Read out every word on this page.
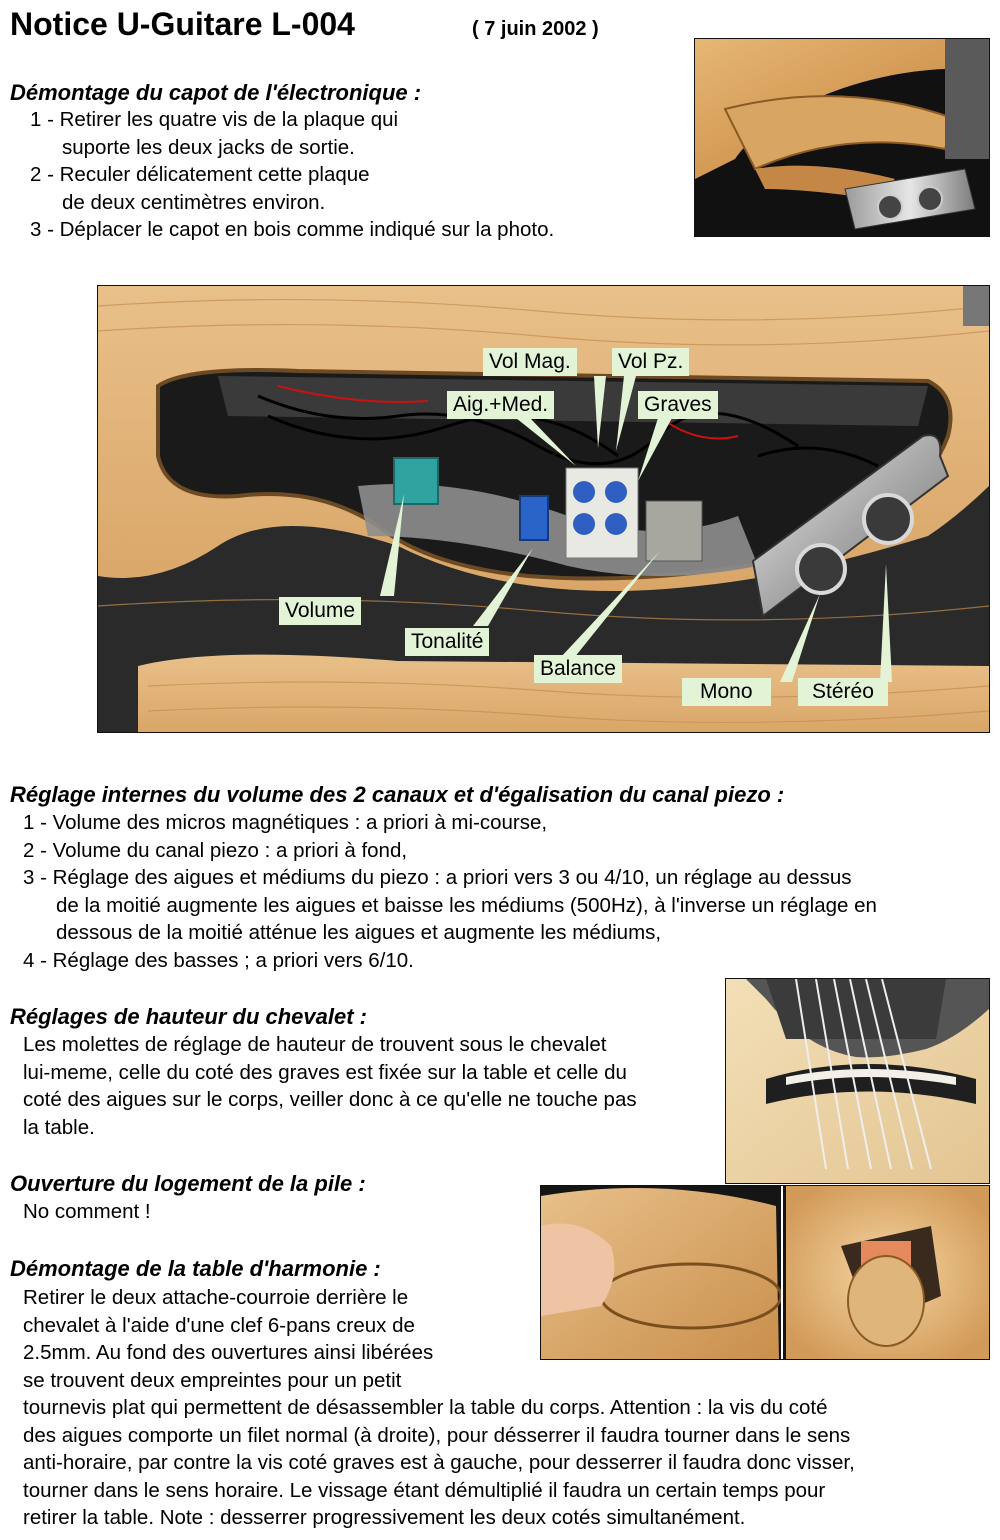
Notice U-Guitare L-004	( 7 juin 2002 )
Démontage du capot de l'électronique :
1 - Retirer les quatre vis de la plaque qui
suporte les deux jacks de sortie.
2 - Reculer délicatement cette plaque
de deux centimètres environ.
3 - Déplacer le capot en bois comme indiqué sur la photo.
Vol Mag. Vol Pz.
Aig.+Med.	Graves
Volume
Tonalité
Balance
Mono	Stéréo
Réglage internes du volume des 2 canaux et d'égalisation du canal piezo :
1 - Volume des micros magnétiques : a priori à mi-course,
2 - Volume du canal piezo : a priori à fond,
3 - Réglage des aigues et médiums du piezo : a priori vers 3 ou 4/10, un réglage au dessus
de la moitié augmente les aigues et baisse les médiums (500Hz), à l'inverse un réglage en
dessous de la moitié atténue les aigues et augmente les médiums,
4 - Réglage des basses ; a priori vers 6/10.
Réglages de hauteur du chevalet :
Les molettes de réglage de hauteur de trouvent sous le chevalet
lui-meme, celle du coté des graves est fixée sur la table et celle du
coté des aigues sur le corps, veiller donc à ce qu'elle ne touche pas
la table.
Ouverture du logement de la pile :
No comment !
Démontage de la table d'harmonie :
Retirer le deux attache-courroie derrière le
chevalet à l'aide d'une clef 6-pans creux de
2.5mm. Au fond des ouvertures ainsi libérées
se trouvent deux empreintes pour un petit
tournevis plat qui permettent de désassembler la table du corps. Attention : la vis du coté
des aigues comporte un filet normal (à droite), pour désserrer il faudra tourner dans le sens
anti-horaire, par contre la vis coté graves est à gauche, pour desserrer il faudra donc visser,
tourner dans le sens horaire. Le vissage étant démultiplié il faudra un certain temps pour
retirer la table. Note : desserrer progressivement les deux cotés simultanément.
